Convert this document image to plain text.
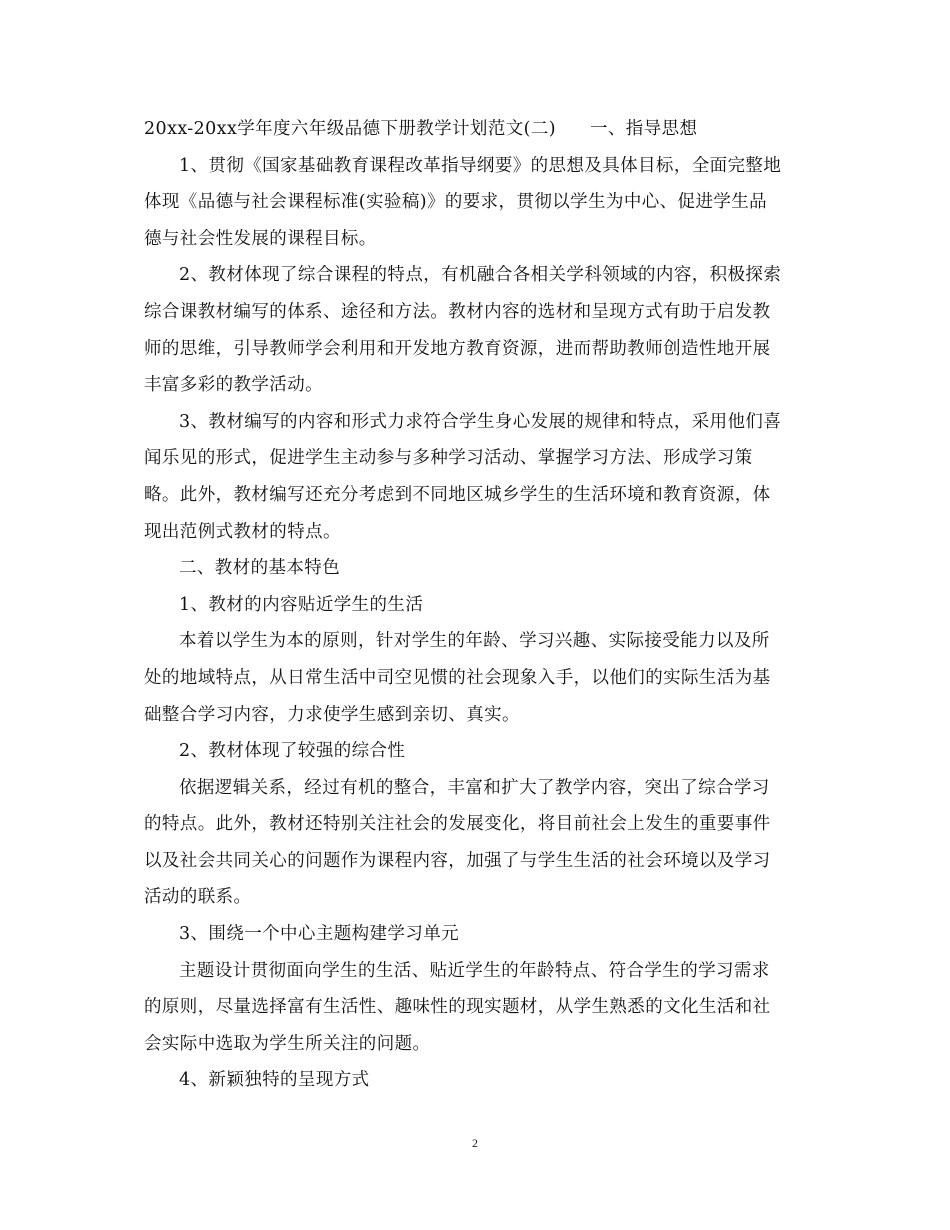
20xx-20xx学年度六年级品德下册教学计划范文(二) 一、指导思想
1、贯彻《国家基础教育课程改革指导纲要》的思想及具体目标，全面完整地
体现《品德与社会课程标准(实验稿)》的要求，贯彻以学生为中心、促进学生品
德与社会性发展的课程目标。
2、教材体现了综合课程的特点，有机融合各相关学科领域的内容，积极探索
综合课教材编写的体系、途径和方法。教材内容的选材和呈现方式有助于启发教
师的思维，引导教师学会利用和开发地方教育资源，进而帮助教师创造性地开展
丰富多彩的教学活动。
3、教材编写的内容和形式力求符合学生身心发展的规律和特点，采用他们喜
闻乐见的形式，促进学生主动参与多种学习活动、掌握学习方法、形成学习策
略。此外，教材编写还充分考虑到不同地区城乡学生的生活环境和教育资源，体
现出范例式教材的特点。
二、教材的基本特色
1、教材的内容贴近学生的生活
本着以学生为本的原则，针对学生的年龄、学习兴趣、实际接受能力以及所
处的地域特点，从日常生活中司空见惯的社会现象入手，以他们的实际生活为基
础整合学习内容，力求使学生感到亲切、真实。
2、教材体现了较强的综合性
依据逻辑关系，经过有机的整合，丰富和扩大了教学内容，突出了综合学习
的特点。此外，教材还特别关注社会的发展变化，将目前社会上发生的重要事件
以及社会共同关心的问题作为课程内容，加强了与学生生活的社会环境以及学习
活动的联系。
3、围绕一个中心主题构建学习单元
主题设计贯彻面向学生的生活、贴近学生的年龄特点、符合学生的学习需求
的原则，尽量选择富有生活性、趣味性的现实题材，从学生熟悉的文化生活和社
会实际中选取为学生所关注的问题。
4、新颖独特的呈现方式
2
